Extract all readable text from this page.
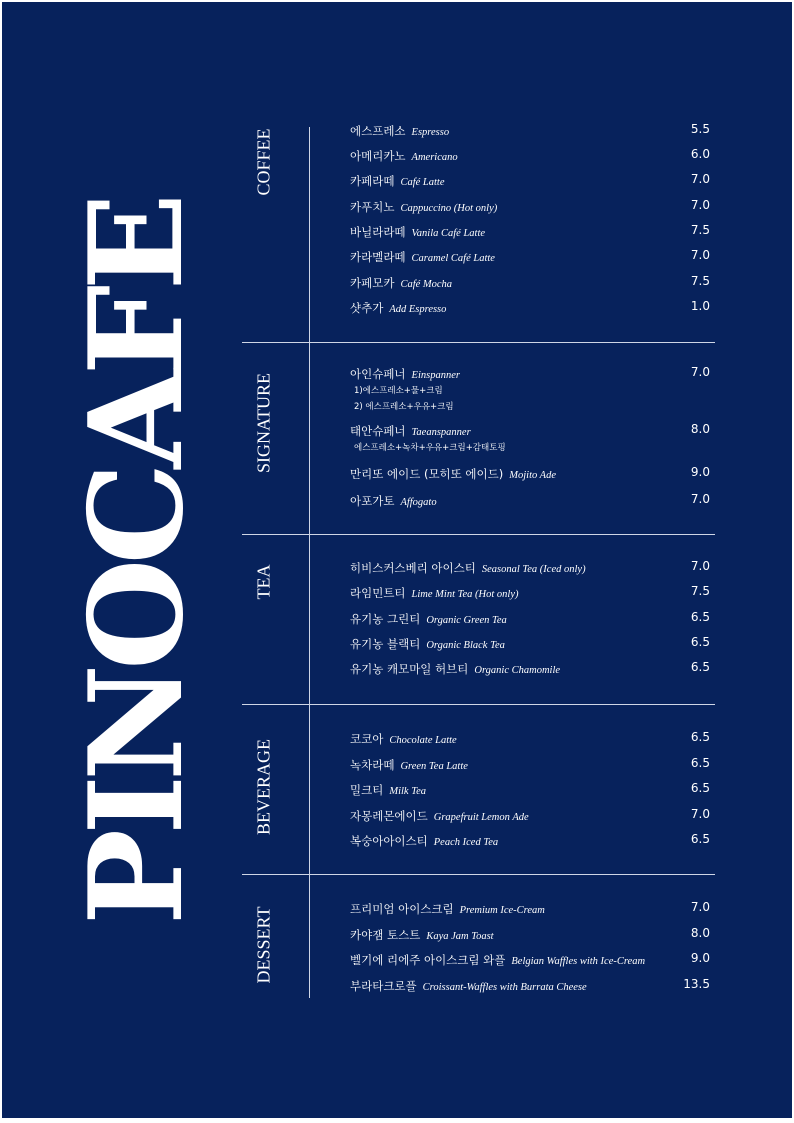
PINOCAFE
COFFEE	에스프레소 Espresso	5.5
아메리카노 Americano	6.0
카페라떼 Café Latte	7.0
카푸치노 Cappuccino (Hot only)	7.0
바닐라라떼 Vanila Café Latte	7.5
카라멜라떼 Caramel Café Latte	7.0
카페모카 Café Mocha	7.5
샷추가 Add Espresso	1.0
SIGNATURE	아인슈페너 Einspanner	7.0
1)에스프레소+물+크림
2) 에스프레소+우유+크림
태안슈페너 Taeanspanner	8.0
에스프레소+녹차+우유+크림+감태토핑
만리또 에이드 (모히또 에이드) Mojito Ade	9.0
아포가토 Affogato	7.0
TEA	히비스커스베리 아이스티 Seasonal Tea (Iced only)	7.0
라임민트티 Lime Mint Tea (Hot only)	7.5
유기농 그린티 Organic Green Tea	6.5
유기농 블랙티 Organic Black Tea	6.5
유기농 캐모마일 허브티 Organic Chamomile	6.5
BEVERAGE	코코아 Chocolate Latte	6.5
녹차라떼 Green Tea Latte	6.5
밀크티 Milk Tea	6.5
자몽레몬에이드 Grapefruit Lemon Ade	7.0
복숭아아이스티 Peach Iced Tea	6.5
DESSERT	프리미엄 아이스크림 Premium Ice-Cream	7.0
카야잼 토스트 Kaya Jam Toast	8.0
벨기에 리에주 아이스크림 와플 Belgian Waffles with Ice-Cream	9.0
부라타크로플 Croissant-Waffles with Burrata Cheese	13.5
